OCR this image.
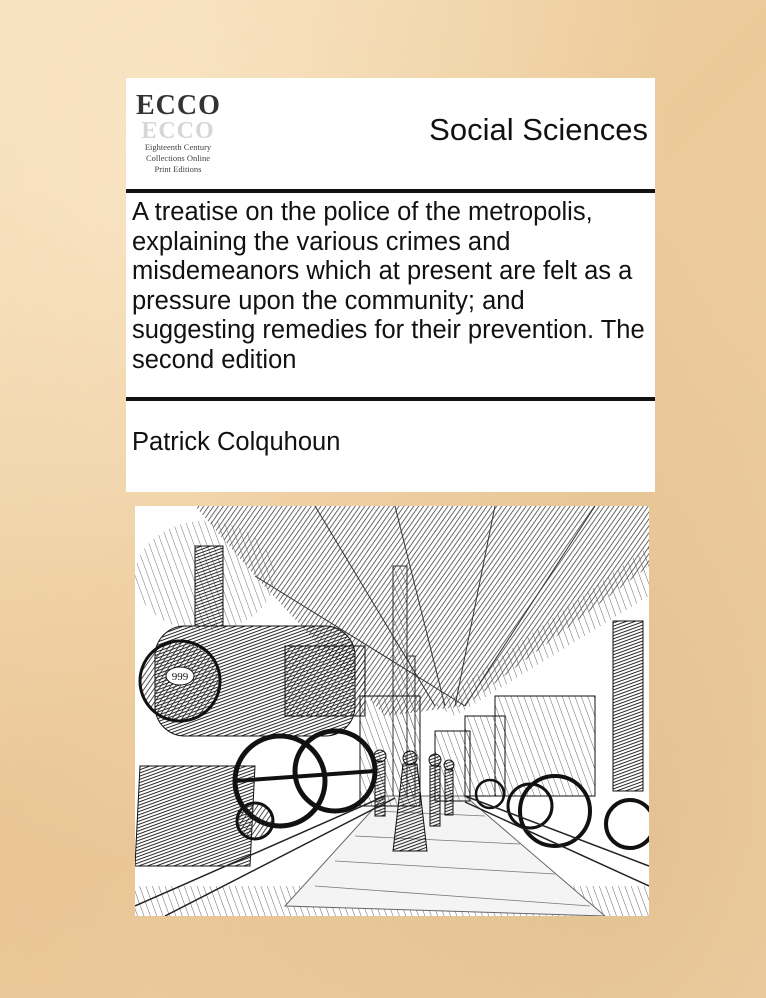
ECCO
ECCO
Eighteenth Century
Collections Online
Print Editions
Social Sciences
A treatise on the police of the metropolis, explaining the various crimes and misdemeanors which at present are felt as a pressure upon the community; and suggesting remedies for their prevention. The second edition
Patrick Colquhoun
999
